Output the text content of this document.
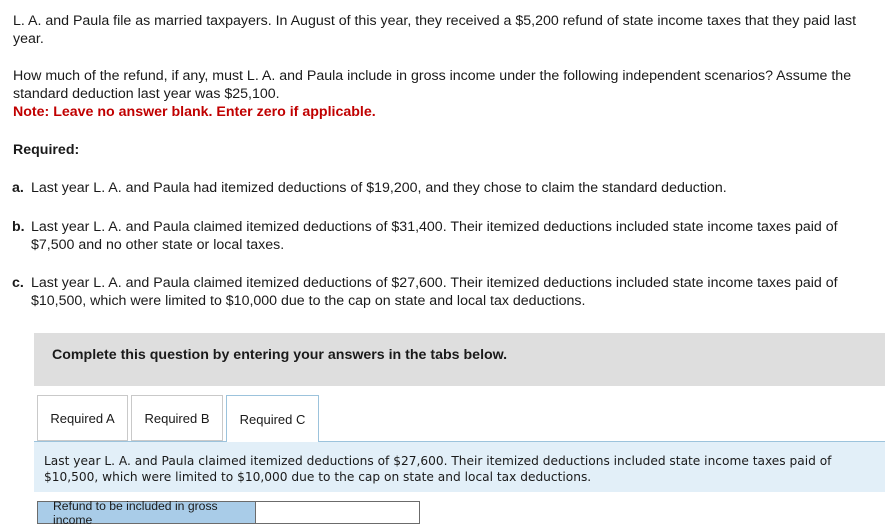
L. A. and Paula file as married taxpayers. In August of this year, they received a $5,200 refund of state income taxes that they paid last year.

How much of the refund, if any, must L. A. and Paula include in gross income under the following independent scenarios? Assume the standard deduction last year was $25,100.
Note: Leave no answer blank. Enter zero if applicable.

Required:

a. Last year L. A. and Paula had itemized deductions of $19,200, and they chose to claim the standard deduction.
b. Last year L. A. and Paula claimed itemized deductions of $31,400. Their itemized deductions included state income taxes paid of $7,500 and no other state or local taxes.
c. Last year L. A. and Paula claimed itemized deductions of $27,600. Their itemized deductions included state income taxes paid of $10,500, which were limited to $10,000 due to the cap on state and local tax deductions.
Complete this question by entering your answers in the tabs below.
Required A	Required B	Required C
Last year L. A. and Paula claimed itemized deductions of $27,600. Their itemized deductions included state income taxes paid of $10,500, which were limited to $10,000 due to the cap on state and local tax deductions.
Refund to be included in gross income
